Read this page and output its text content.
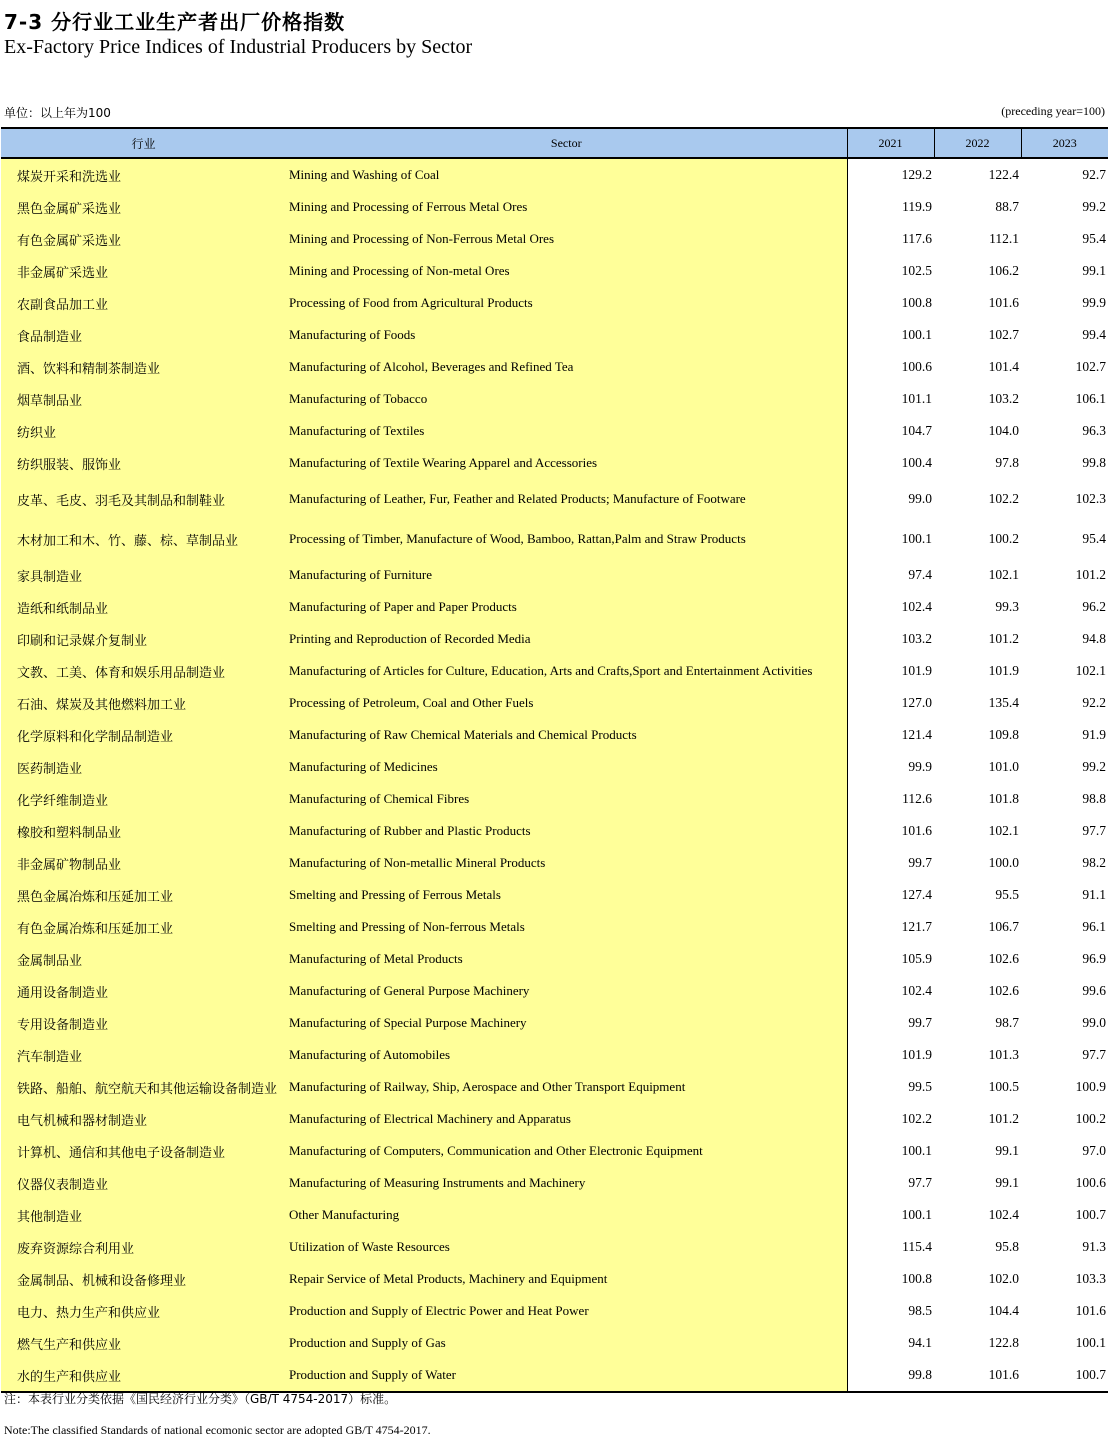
7-3 分行业工业生产者出厂价格指数
Ex-Factory Price Indices of Industrial Producers by Sector
单位：以上年为100	(preceding year=100)
行业	Sector	2021	2022	2023
煤炭开采和洗选业	Mining and Washing of Coal	129.2	122.4	92.7
黑色金属矿采选业	Mining and Processing of Ferrous Metal Ores	119.9	88.7	99.2
有色金属矿采选业	Mining and Processing of Non-Ferrous Metal Ores	117.6	112.1	95.4
非金属矿采选业	Mining and Processing of Non-metal Ores	102.5	106.2	99.1
农副食品加工业	Processing of Food from Agricultural Products	100.8	101.6	99.9
食品制造业	Manufacturing of Foods	100.1	102.7	99.4
酒、饮料和精制茶制造业	Manufacturing of Alcohol, Beverages and Refined Tea	100.6	101.4	102.7
烟草制品业	Manufacturing of Tobacco	101.1	103.2	106.1
纺织业	Manufacturing of Textiles	104.7	104.0	96.3
纺织服装、服饰业	Manufacturing of Textile Wearing Apparel and Accessories	100.4	97.8	99.8
皮革、毛皮、羽毛及其制品和制鞋业	Manufacturing of Leather, Fur, Feather and Related Products; Manufacture of Footware	99.0	102.2	102.3
木材加工和木、竹、藤、棕、草制品业	Processing of Timber, Manufacture of Wood, Bamboo, Rattan,Palm and Straw Products	100.1	100.2	95.4
家具制造业	Manufacturing of Furniture	97.4	102.1	101.2
造纸和纸制品业	Manufacturing of Paper and Paper Products	102.4	99.3	96.2
印刷和记录媒介复制业	Printing and Reproduction of Recorded Media	103.2	101.2	94.8
文教、工美、体育和娱乐用品制造业	Manufacturing of Articles for Culture, Education, Arts and Crafts,Sport and Entertainment Activities	101.9	101.9	102.1
石油、煤炭及其他燃料加工业	Processing of Petroleum, Coal and Other Fuels	127.0	135.4	92.2
化学原料和化学制品制造业	Manufacturing of Raw Chemical Materials and Chemical Products	121.4	109.8	91.9
医药制造业	Manufacturing of Medicines	99.9	101.0	99.2
化学纤维制造业	Manufacturing of Chemical Fibres	112.6	101.8	98.8
橡胶和塑料制品业	Manufacturing of Rubber and Plastic Products	101.6	102.1	97.7
非金属矿物制品业	Manufacturing of Non-metallic Mineral Products	99.7	100.0	98.2
黑色金属冶炼和压延加工业	Smelting and Pressing of Ferrous Metals	127.4	95.5	91.1
有色金属冶炼和压延加工业	Smelting and Pressing of Non-ferrous Metals	121.7	106.7	96.1
金属制品业	Manufacturing of Metal Products	105.9	102.6	96.9
通用设备制造业	Manufacturing of General Purpose Machinery	102.4	102.6	99.6
专用设备制造业	Manufacturing of Special Purpose Machinery	99.7	98.7	99.0
汽车制造业	Manufacturing of Automobiles	101.9	101.3	97.7
铁路、船舶、航空航天和其他运输设备制造业	Manufacturing of Railway, Ship, Aerospace and Other Transport Equipment	99.5	100.5	100.9
电气机械和器材制造业	Manufacturing of Electrical Machinery and Apparatus	102.2	101.2	100.2
计算机、通信和其他电子设备制造业	Manufacturing of Computers, Communication and Other Electronic Equipment	100.1	99.1	97.0
仪器仪表制造业	Manufacturing of Measuring Instruments and Machinery	97.7	99.1	100.6
其他制造业	Other Manufacturing	100.1	102.4	100.7
废弃资源综合利用业	Utilization of Waste Resources	115.4	95.8	91.3
金属制品、机械和设备修理业	Repair Service of Metal Products, Machinery and Equipment	100.8	102.0	103.3
电力、热力生产和供应业	Production and Supply of Electric Power and Heat Power	98.5	104.4	101.6
燃气生产和供应业	Production and Supply of Gas	94.1	122.8	100.1
水的生产和供应业	Production and Supply of Water	99.8	101.6	100.7
注：本表行业分类依据《国民经济行业分类》（GB/T 4754-2017）标准。
Note:The classified Standards of national ecomonic sector are adopted GB/T 4754-2017.
